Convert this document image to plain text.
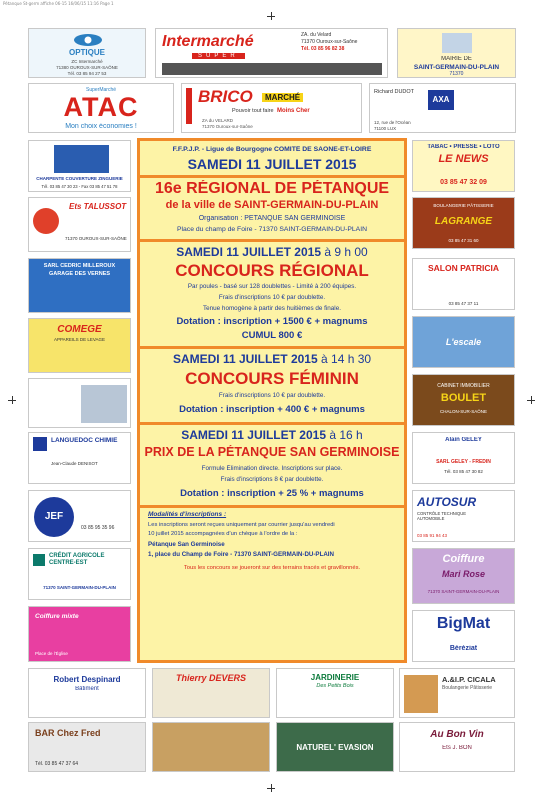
Pétanque St-germ affiche 06-15 16/06/15 11:16 Page 1
OPTIQUE
ZC Intermarché
71380 OUROUX-SUR-SAÔNE
Tél. 03 85 94 27 53
Intermarché
SUPER
ZA. du Velard
71370 Ouroux-sur-Saône
Tél. 03 85 96 82 38
MAIRIE DE
SAINT-GERMAIN-DU-PLAIN
71370
SuperMarché
ATAC
Mon choix économies !
BRICO	MARCHÉ
Pouvoir tout faire Moins Cher
ZA du VELARD
71370 Ouroux-sur-Saône
Richard DUDOT
AXA
12, rue de l'Océan
71100 LUX
CHARPENTE COUVERTURE ZINGUERIE
Tél. 03 85 47 30 23 - Fax 03 85 47 51 78
Ets TALUSSOT
71370 OUROUX-SUR-SAÔNE
SARL CÉDRIC MILLEROUX
GARAGE DES VERNES
COMEGE
APPAREILS DE LEVAGE
LANGUEDOC CHIMIE
Jean-Claude DENISOT
JEF
03 85 95 35 96
CRÉDIT AGRICOLE CENTRE-EST
71370 SAINT-GERMAIN-DU-PLAIN
Coiffure mixte
Place de l'Église
TABAC • PRESSE • LOTO
LE NEWS
03 85 47 32 09
BOULANGERIE PÂTISSERIE
LAGRANGE
03 85 47 31 60
SALON PATRICIA
03 85 47 37 11
L'escale
CABINET IMMOBILIER
BOULET
CHALON-SUR-SAÔNE
Alain GELEY
SARL GELEY - FREDIN
Tél. 03 85 47 30 82
AUTOSUR
CONTRÔLE TECHNIQUE AUTOMOBILE
03 85 91 94 43
Coiffure
Mari Rose
71370 SAINT-GERMAIN-DU-PLAIN
BigMat
Béréziat
F.F.P.J.P. - Ligue de Bourgogne COMITÉ DE SAÔNE-ET-LOIRE
SAMEDI 11 JUILLET 2015
16e RÉGIONAL DE PÉTANQUE
de la ville de SAINT-GERMAIN-DU-PLAIN
Organisation : PÉTANQUE SAN GERMINOISE
Place du champ de Foire - 71370 SAINT-GERMAIN-DU-PLAIN
SAMEDI 11 JUILLET 2015 à 9 h 00
CONCOURS RÉGIONAL
Par poules - basé sur 128 doublettes - Limité à 200 équipes.
Frais d'inscriptions 10 € par doublette.
Tenue homogène à partir des huitièmes de finale.
Dotation : inscription + 1500 € + magnums
CUMUL 800 €
SAMEDI 11 JUILLET 2015 à 14 h 30
CONCOURS FÉMININ
Frais d'inscriptions 10 € par doublette.
Dotation : inscription + 400 € + magnums
SAMEDI 11 JUILLET 2015 à 16 h
PRIX DE LA PÉTANQUE SAN GERMINOISE
Formule Élimination directe. Inscriptions sur place.
Frais d'inscriptions 8 € par doublette.
Dotation : inscription + 25 % + magnums
Modalités d'inscriptions :
Les inscriptions seront reçues uniquement par courrier jusqu'au vendredi
10 juillet 2015 accompagnées d'un chèque à l'ordre de la :
Pétanque San Germinoise
1, place du Champ de Foire - 71370 SAINT-GERMAIN-DU-PLAIN
Tous les concours se joueront sur des terrains tracés et gravillonnés.
Robert Despinard
Bâtiment
Thierry DEVERS	JARDINERIE
Des Petits Bois
A.&I.P. CICALA
Boulangerie Pâtisserie
BAR Chez Fred
Tél. 03 85 47 37 64
NATUREL' EVASION
Au Bon Vin
Ets J. BON
